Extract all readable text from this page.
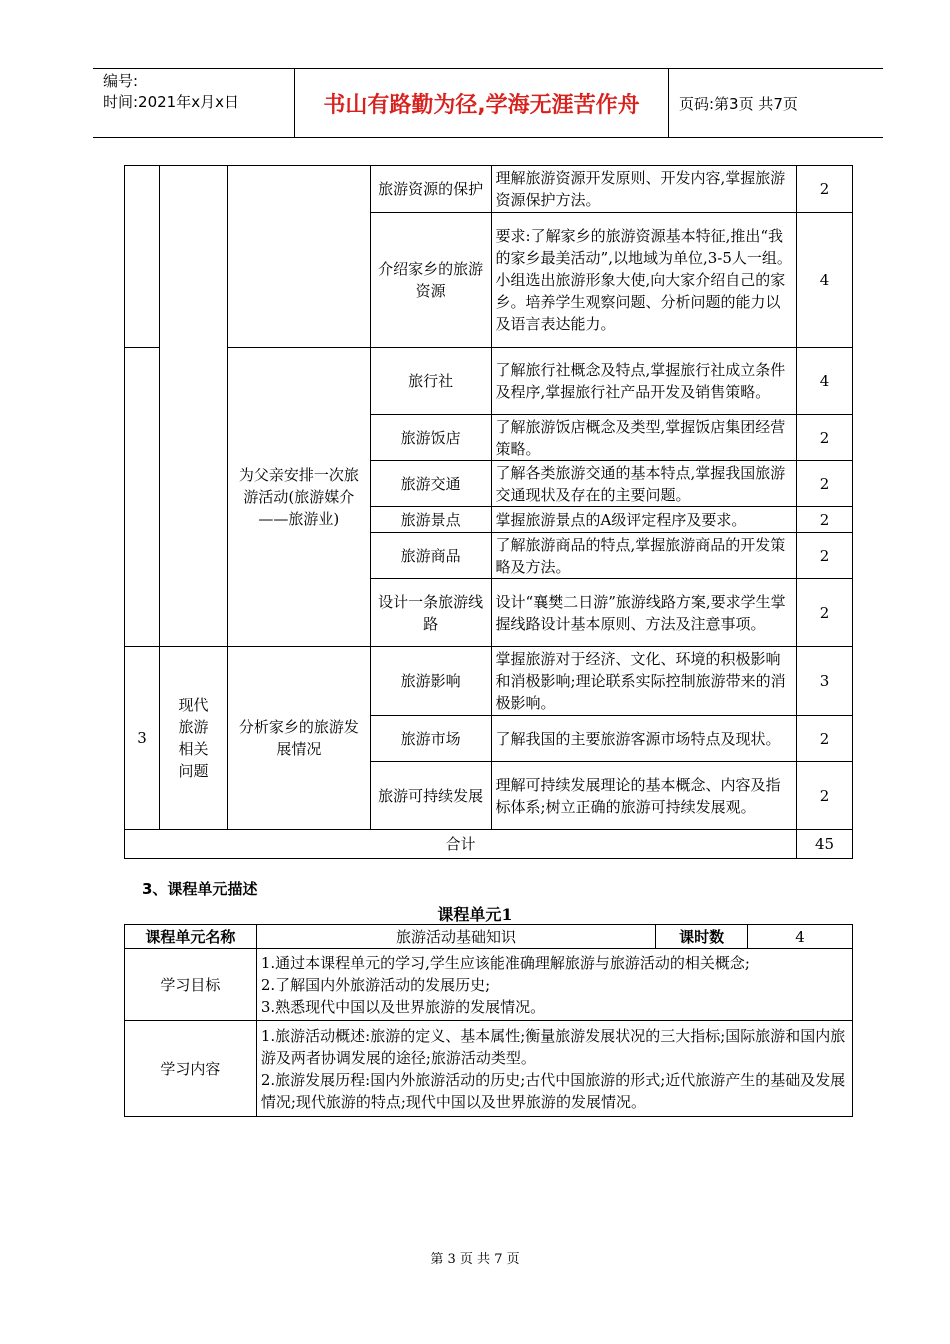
编号:
时间:2021年x月x日	书山有路勤为径,学海无涯苦作舟	页码:第3页 共7页
			旅游资源的保护	理解旅游资源开发原则、开发内容,掌握旅游资源保护方法。	2
			介绍家乡的旅游资源	要求:了解家乡的旅游资源基本特征,推出“我的家乡最美活动”,以地域为单位,3-5人一组。小组选出旅游形象大使,向大家介绍自己的家乡。培养学生观察问题、分析问题的能力以及语言表达能力。	4
		为父亲安排一次旅游活动(旅游媒介——旅游业)	旅行社	了解旅行社概念及特点,掌握旅行社成立条件及程序,掌握旅行社产品开发及销售策略。	4
			旅游饭店	了解旅游饭店概念及类型,掌握饭店集团经营策略。	2
			旅游交通	了解各类旅游交通的基本特点,掌握我国旅游交通现状及存在的主要问题。	2
			旅游景点	掌握旅游景点的A级评定程序及要求。	2
			旅游商品	了解旅游商品的特点,掌握旅游商品的开发策略及方法。	2
			设计一条旅游线路	设计“襄樊二日游”旅游线路方案,要求学生掌握线路设计基本原则、方法及注意事项。	2
3	现代旅游相关问题	分析家乡的旅游发展情况	旅游影响	掌握旅游对于经济、文化、环境的积极影响和消极影响;理论联系实际控制旅游带来的消极影响。	3
			旅游市场	了解我国的主要旅游客源市场特点及现状。	2
			旅游可持续发展	理解可持续发展理论的基本概念、内容及指标体系;树立正确的旅游可持续发展观。	2
合计					45
3、课程单元描述
课程单元1
课程单元名称	旅游活动基础知识	课时数	4
学习目标	1.通过本课程单元的学习,学生应该能准确理解旅游与旅游活动的相关概念;
2.了解国内外旅游活动的发展历史;
3.熟悉现代中国以及世界旅游的发展情况。		

学习内容	1.旅游活动概述:旅游的定义、基本属性;衡量旅游发展状况的三大指标;国际旅游和国内旅游及两者协调发展的途径;旅游活动类型。
2.旅游发展历程:国内外旅游活动的历史;古代中国旅游的形式;近代旅游产生的基础及发展情况;现代旅游的特点;现代中国以及世界旅游的发展情况。		
第 3 页 共 7 页
